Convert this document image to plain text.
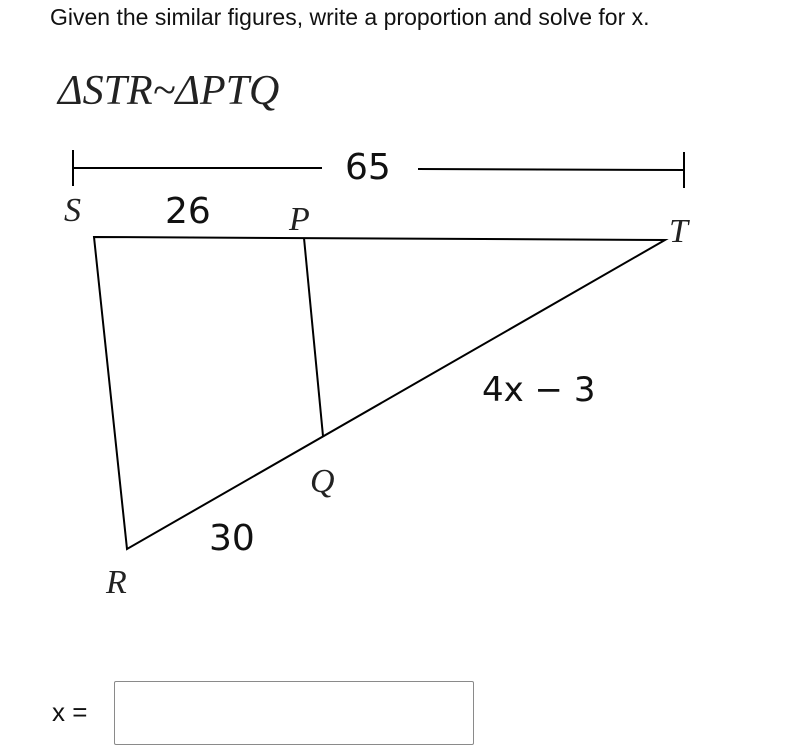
Given the similar figures, write a proportion and solve for x.
ΔSTR~ΔPTQ
65
S	P	T
Q
R
26
30
4x − 3
x =
